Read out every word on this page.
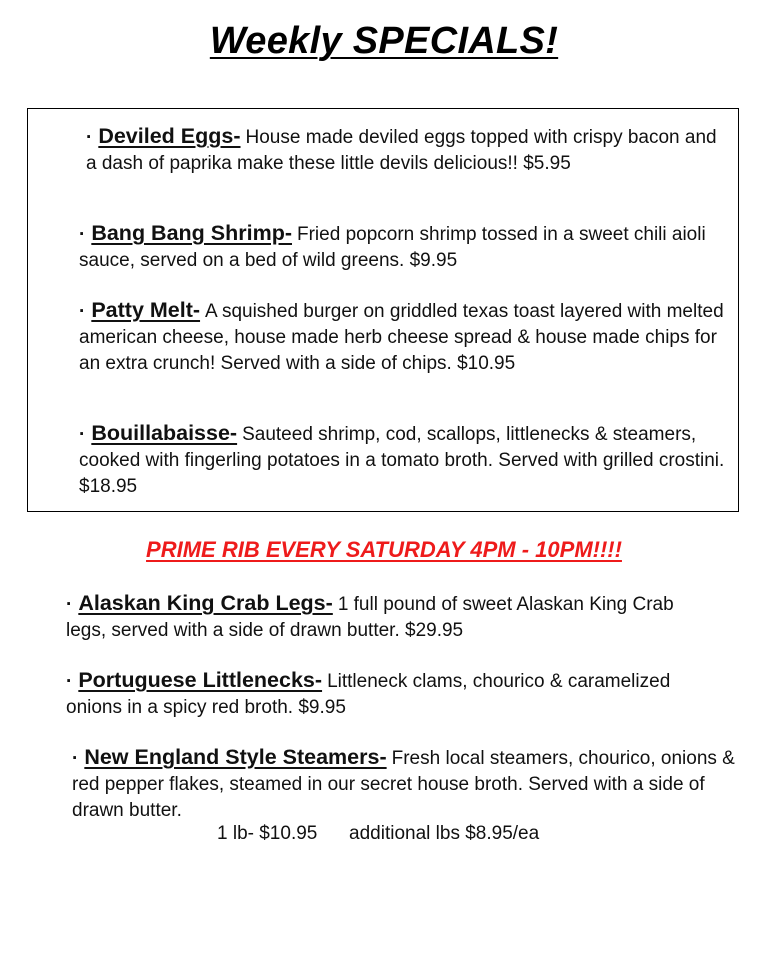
Weekly SPECIALS!
· Deviled Eggs- House made deviled eggs topped with crispy bacon and a dash of paprika make these little devils delicious!! $5.95
· Bang Bang Shrimp- Fried popcorn shrimp tossed in a sweet chili aioli sauce, served on a bed of wild greens. $9.95
· Patty Melt- A squished burger on griddled texas toast layered with melted american cheese, house made herb cheese spread & house made chips for an extra crunch! Served with a side of chips. $10.95
· Bouillabaisse- Sauteed shrimp, cod, scallops, littlenecks & steamers, cooked with fingerling potatoes in a tomato broth. Served with grilled crostini. $18.95
PRIME RIB EVERY SATURDAY 4PM - 10PM!!!!
· Alaskan King Crab Legs- 1 full pound of sweet Alaskan King Crab legs, served with a side of drawn butter. $29.95
· Portuguese Littlenecks- Littleneck clams, chourico & caramelized onions in a spicy red broth. $9.95
· New England Style Steamers- Fresh local steamers, chourico, onions & red pepper flakes, steamed in our secret house broth. Served with a side of drawn butter.
1 lb- $10.95 additional lbs $8.95/ea
